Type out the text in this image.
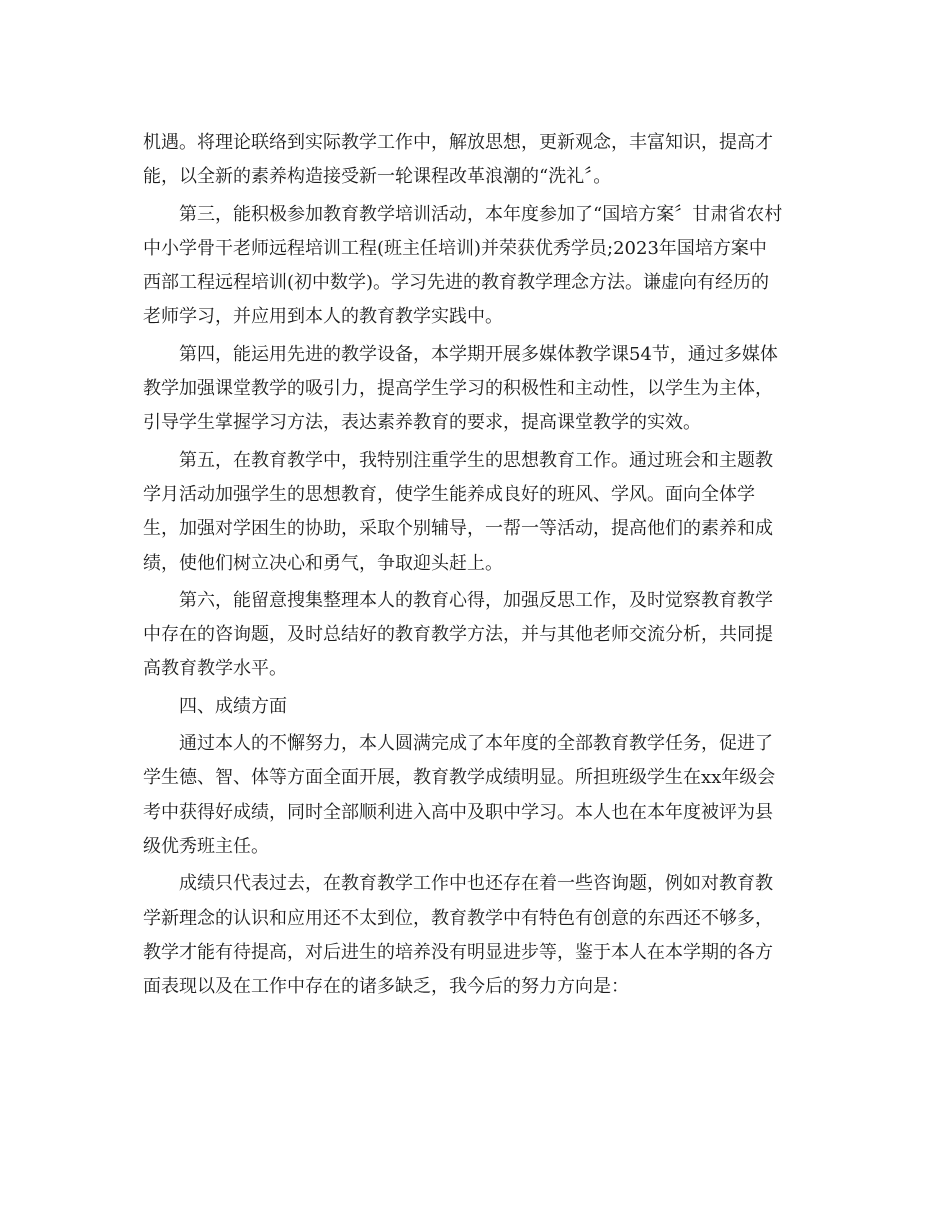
机遇。将理论联络到实际教学工作中，解放思想，更新观念，丰富知识，提高才
能，以全新的素养构造接受新一轮课程改革浪潮的“洗礼〞。
第三，能积极参加教育教学培训活动，本年度参加了“国培方案〞甘肃省农村
中小学骨干老师远程培训工程(班主任培训)并荣获优秀学员;2023年国培方案中
西部工程远程培训(初中数学)。学习先进的教育教学理念方法。谦虚向有经历的
老师学习，并应用到本人的教育教学实践中。
第四，能运用先进的教学设备，本学期开展多媒体教学课54节，通过多媒体
教学加强课堂教学的吸引力，提高学生学习的积极性和主动性，以学生为主体，
引导学生掌握学习方法，表达素养教育的要求，提高课堂教学的实效。
第五，在教育教学中，我特别注重学生的思想教育工作。通过班会和主题教
学月活动加强学生的思想教育，使学生能养成良好的班风、学风。面向全体学
生，加强对学困生的协助，采取个别辅导，一帮一等活动，提高他们的素养和成
绩，使他们树立决心和勇气，争取迎头赶上。
第六，能留意搜集整理本人的教育心得，加强反思工作，及时觉察教育教学
中存在的咨询题，及时总结好的教育教学方法，并与其他老师交流分析，共同提
高教育教学水平。
四、成绩方面
通过本人的不懈努力，本人圆满完成了本年度的全部教育教学任务，促进了
学生德、智、体等方面全面开展，教育教学成绩明显。所担班级学生在xx年级会
考中获得好成绩，同时全部顺利进入高中及职中学习。本人也在本年度被评为县
级优秀班主任。
成绩只代表过去，在教育教学工作中也还存在着一些咨询题，例如对教育教
学新理念的认识和应用还不太到位，教育教学中有特色有创意的东西还不够多，
教学才能有待提高，对后进生的培养没有明显进步等，鉴于本人在本学期的各方
面表现以及在工作中存在的诸多缺乏，我今后的努力方向是：
